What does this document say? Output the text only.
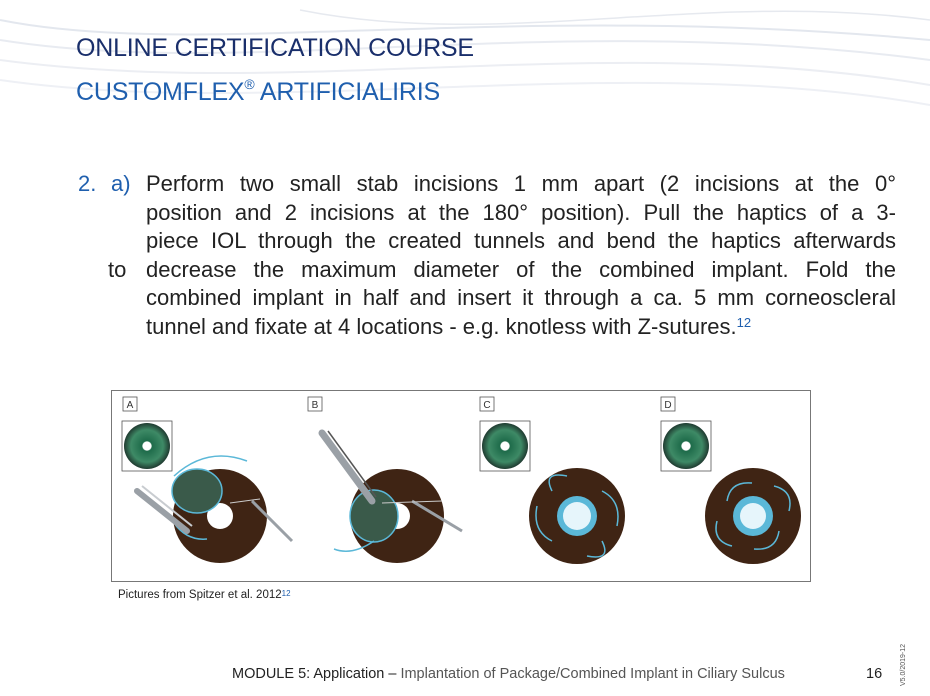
ONLINE CERTIFICATION COURSE
CUSTOMFLEX® ARTIFICIALIRIS
2. a) Perform two small stab incisions 1 mm apart (2 incisions at the 0°
position and 2 incisions at the 180° position). Pull the haptics of a 3-
piece IOL through the created tunnels and bend the haptics afterwards
to decrease the maximum diameter of the combined implant. Fold the
combined implant in half and insert it through a ca. 5 mm corneoscleral
tunnel and fixate at 4 locations - e.g. knotless with Z-sutures.$^{12}$
A	B	C	D
Pictures from Spitzer et al. 2012$^{12}$
MODULE 5: Application – Implantation of Package/Combined Implant in Ciliary Sulcus	16	V5.0/2019-12
